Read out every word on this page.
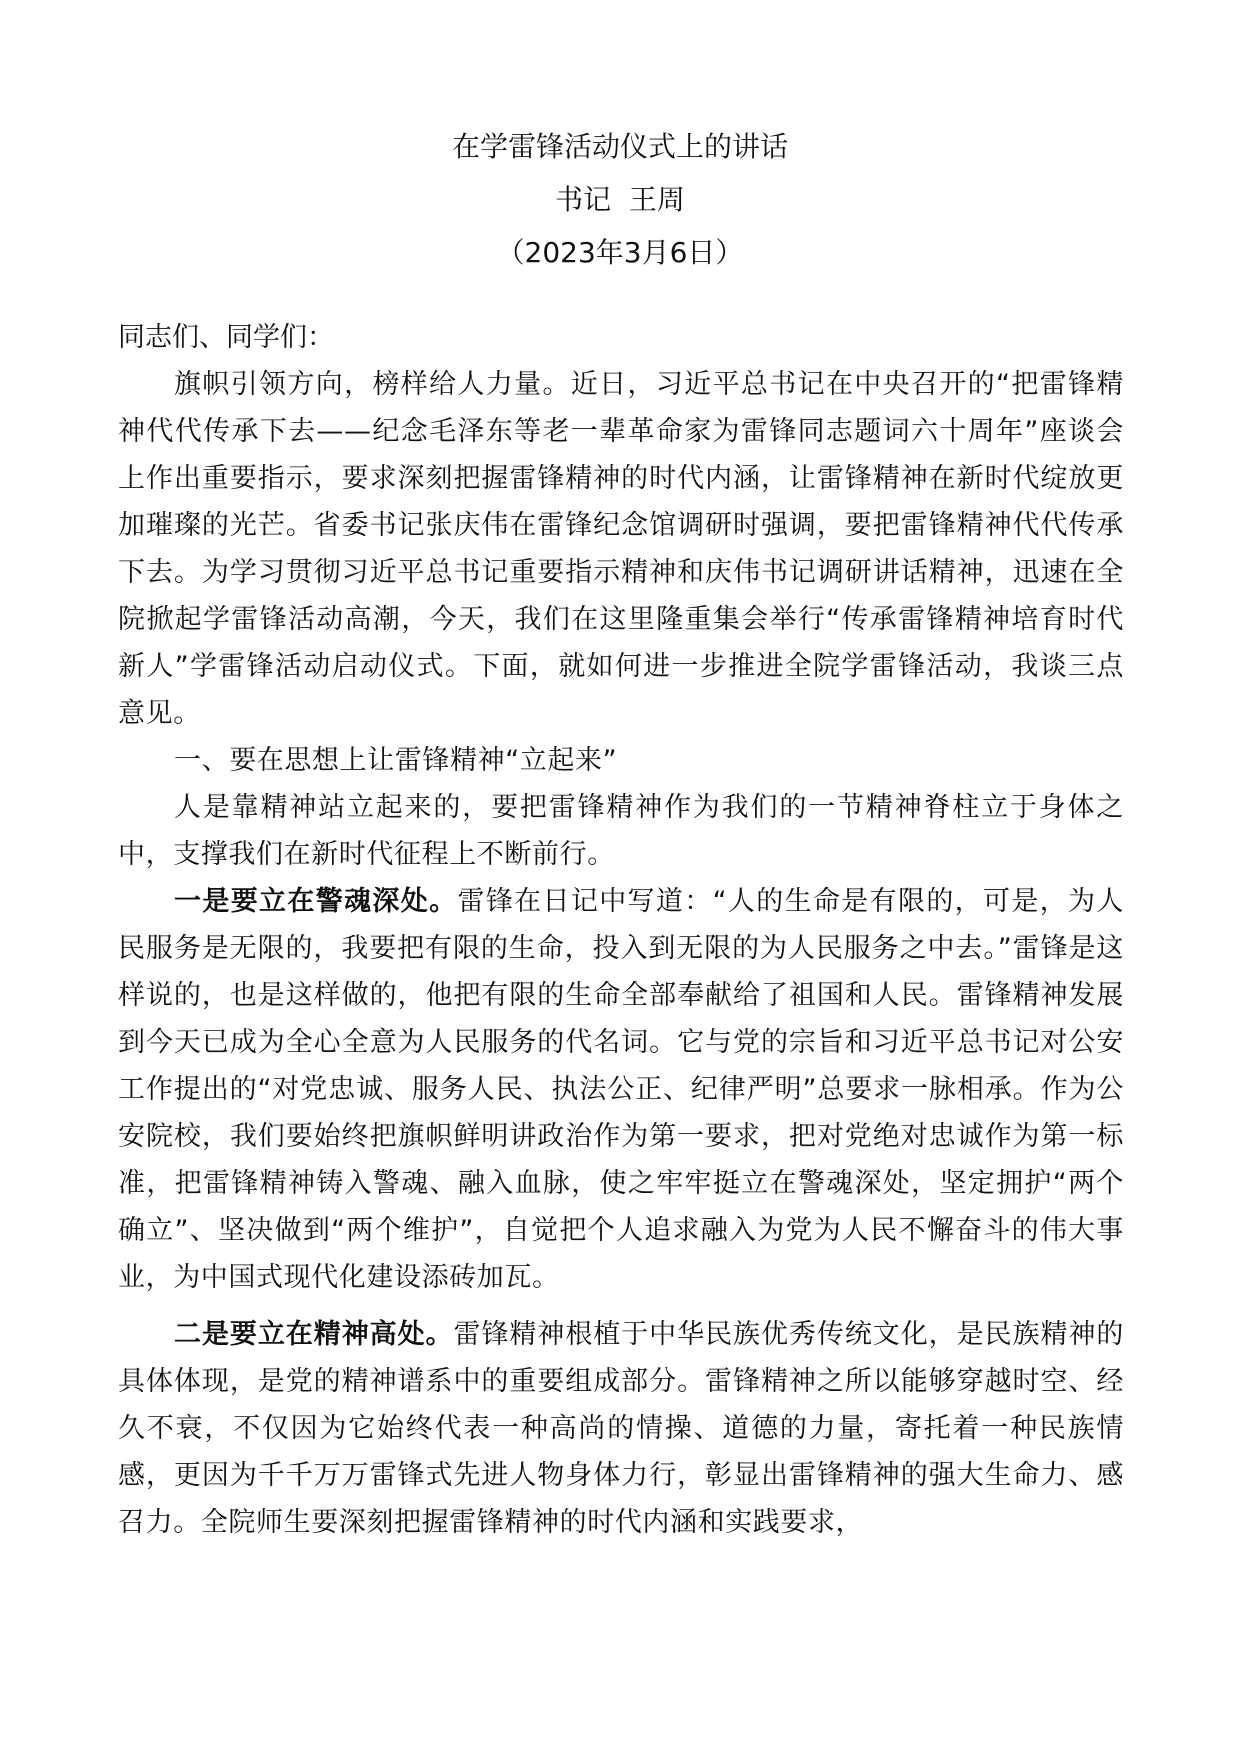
在学雷锋活动仪式上的讲话

书记  王周

（2023年3月6日）

同志们、同学们：

旗帜引领方向，榜样给人力量。近日，习近平总书记在中央召开的“把雷锋精神代代传承下去——纪念毛泽东等老一辈革命家为雷锋同志题词六十周年”座谈会上作出重要指示，要求深刻把握雷锋精神的时代内涵，让雷锋精神在新时代绽放更加璀璨的光芒。省委书记张庆伟在雷锋纪念馆调研时强调，要把雷锋精神代代传承下去。为学习贯彻习近平总书记重要指示精神和庆伟书记调研讲话精神，迅速在全院掀起学雷锋活动高潮，今天，我们在这里隆重集会举行“传承雷锋精神培育时代新人”学雷锋活动启动仪式。下面，就如何进一步推进全院学雷锋活动，我谈三点意见。

一、要在思想上让雷锋精神“立起来”

人是靠精神站立起来的，要把雷锋精神作为我们的一节精神脊柱立于身体之中，支撑我们在新时代征程上不断前行。

一是要立在警魂深处。雷锋在日记中写道：“人的生命是有限的，可是，为人民服务是无限的，我要把有限的生命，投入到无限的为人民服务之中去。”雷锋是这样说的，也是这样做的，他把有限的生命全部奉献给了祖国和人民。雷锋精神发展到今天已成为全心全意为人民服务的代名词。它与党的宗旨和习近平总书记对公安工作提出的“对党忠诚、服务人民、执法公正、纪律严明”总要求一脉相承。作为公安院校，我们要始终把旗帜鲜明讲政治作为第一要求，把对党绝对忠诚作为第一标准，把雷锋精神铸入警魂、融入血脉，使之牢牢挺立在警魂深处，坚定拥护“两个确立”、坚决做到“两个维护”，自觉把个人追求融入为党为人民不懈奋斗的伟大事业，为中国式现代化建设添砖加瓦。

二是要立在精神高处。雷锋精神根植于中华民族优秀传统文化，是民族精神的具体体现，是党的精神谱系中的重要组成部分。雷锋精神之所以能够穿越时空、经久不衰，不仅因为它始终代表一种高尚的情操、道德的力量，寄托着一种民族情感，更因为千千万万雷锋式先进人物身体力行，彰显出雷锋精神的强大生命力、感召力。全院师生要深刻把握雷锋精神的时代内涵和实践要求，
